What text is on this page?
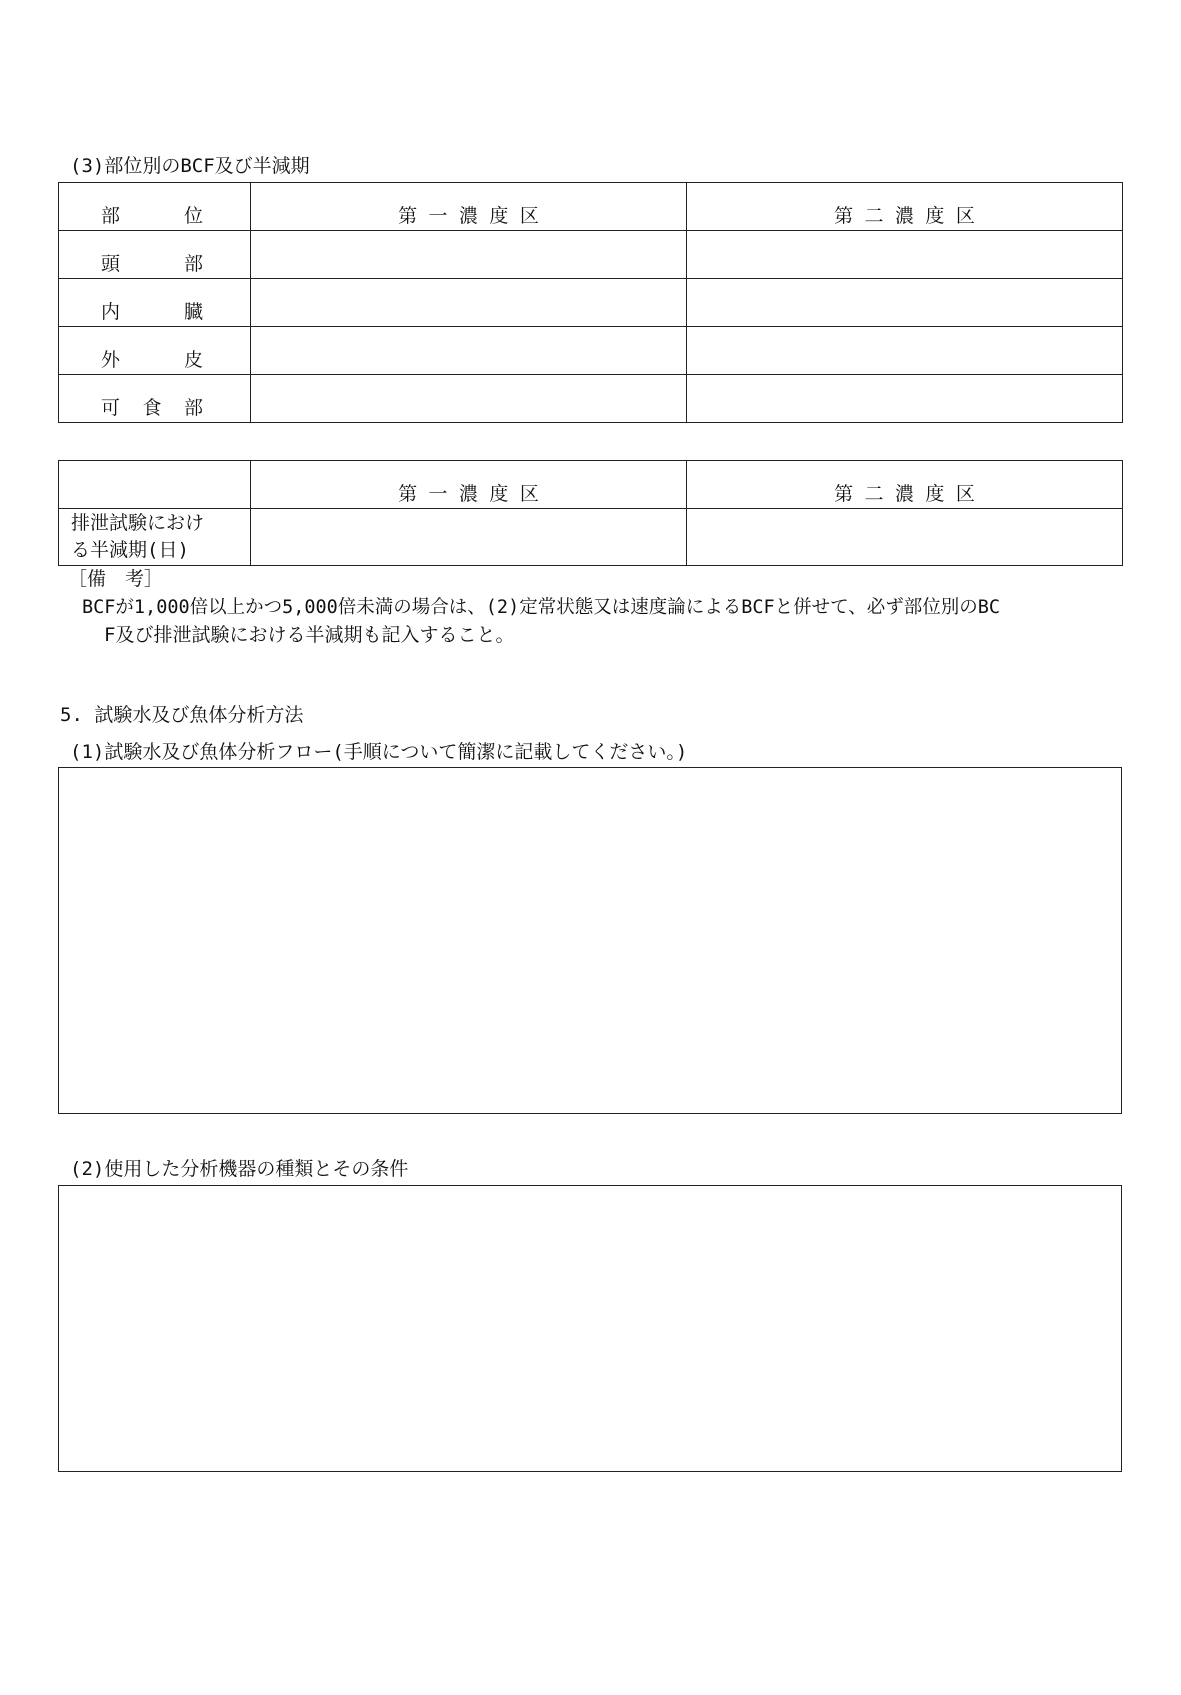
(3)部位別のBCF及び半減期
部 位	第 一 濃 度 区	第 二 濃 度 区

頭 部		

内 臓		

外 皮		

可 食 部		

	第 一 濃 度 区	第 二 濃 度 区

排泄試験におけ
る半減期(日)		

［備　考］
BCFが1,000倍以上かつ5,000倍未満の場合は、(2)定常状態又は速度論によるBCFと併せて、必ず部位別のBC
F及び排泄試験における半減期も記入すること。
5. 試験水及び魚体分析方法
(1)試験水及び魚体分析フロー(手順について簡潔に記載してください。)
(2)使用した分析機器の種類とその条件
